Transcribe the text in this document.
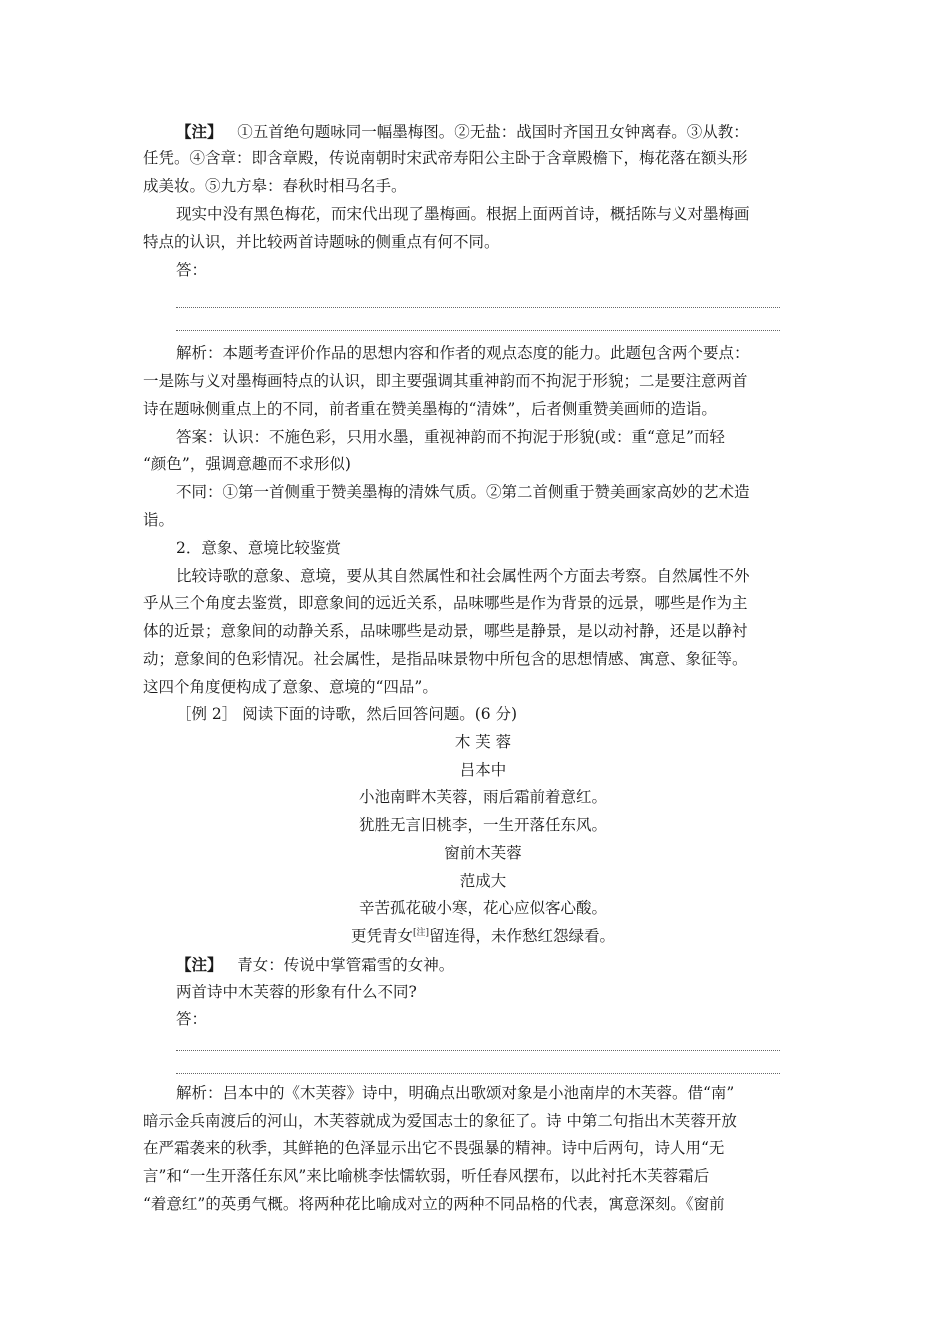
【注】 ①五首绝句题咏同一幅墨梅图。②无盐：战国时齐国丑女钟离春。③从教：
任凭。④含章：即含章殿，传说南朝时宋武帝寿阳公主卧于含章殿檐下，梅花落在额头形
成美妆。⑤九方皋：春秋时相马名手。
现实中没有黑色梅花，而宋代出现了墨梅画。根据上面两首诗，概括陈与义对墨梅画
特点的认识，并比较两首诗题咏的侧重点有何不同。
答：
解析：本题考查评价作品的思想内容和作者的观点态度的能力。此题包含两个要点：
一是陈与义对墨梅画特点的认识，即主要强调其重神韵而不拘泥于形貌；二是要注意两首
诗在题咏侧重点上的不同，前者重在赞美墨梅的“清姝”，后者侧重赞美画师的造诣。
答案：认识：不施色彩，只用水墨，重视神韵而不拘泥于形貌(或：重“意足”而轻
“颜色”，强调意趣而不求形似)
不同：①第一首侧重于赞美墨梅的清姝气质。②第二首侧重于赞美画家高妙的艺术造
诣。
2．意象、意境比较鉴赏
比较诗歌的意象、意境，要从其自然属性和社会属性两个方面去考察。自然属性不外
乎从三个角度去鉴赏，即意象间的远近关系，品味哪些是作为背景的远景，哪些是作为主
体的近景；意象间的动静关系，品味哪些是动景，哪些是静景，是以动衬静，还是以静衬
动；意象间的色彩情况。社会属性，是指品味景物中所包含的思想情感、寓意、象征等。
这四个角度便构成了意象、意境的“四品”。
［例 2］ 阅读下面的诗歌，然后回答问题。(6 分)
木 芙 蓉
吕本中
小池南畔木芙蓉，雨后霜前着意红。
犹胜无言旧桃李，一生开落任东风。
窗前木芙蓉
范成大
辛苦孤花破小寒，花心应似客心酸。
更凭青女[注]留连得，未作愁红怨绿看。
【注】 青女：传说中掌管霜雪的女神。
两首诗中木芙蓉的形象有什么不同?
答：
解析：吕本中的《木芙蓉》诗中，明确点出歌颂对象是小池南岸的木芙蓉。借“南”
暗示金兵南渡后的河山，木芙蓉就成为爱国志士的象征了。诗 中第二句指出木芙蓉开放
在严霜袭来的秋季，其鲜艳的色泽显示出它不畏强暴的精神。诗中后两句，诗人用“无
言”和“一生开落任东风”来比喻桃李怯懦软弱，听任春风摆布，以此衬托木芙蓉霜后
“着意红”的英勇气概。将两种花比喻成对立的两种不同品格的代表，寓意深刻。《窗前
